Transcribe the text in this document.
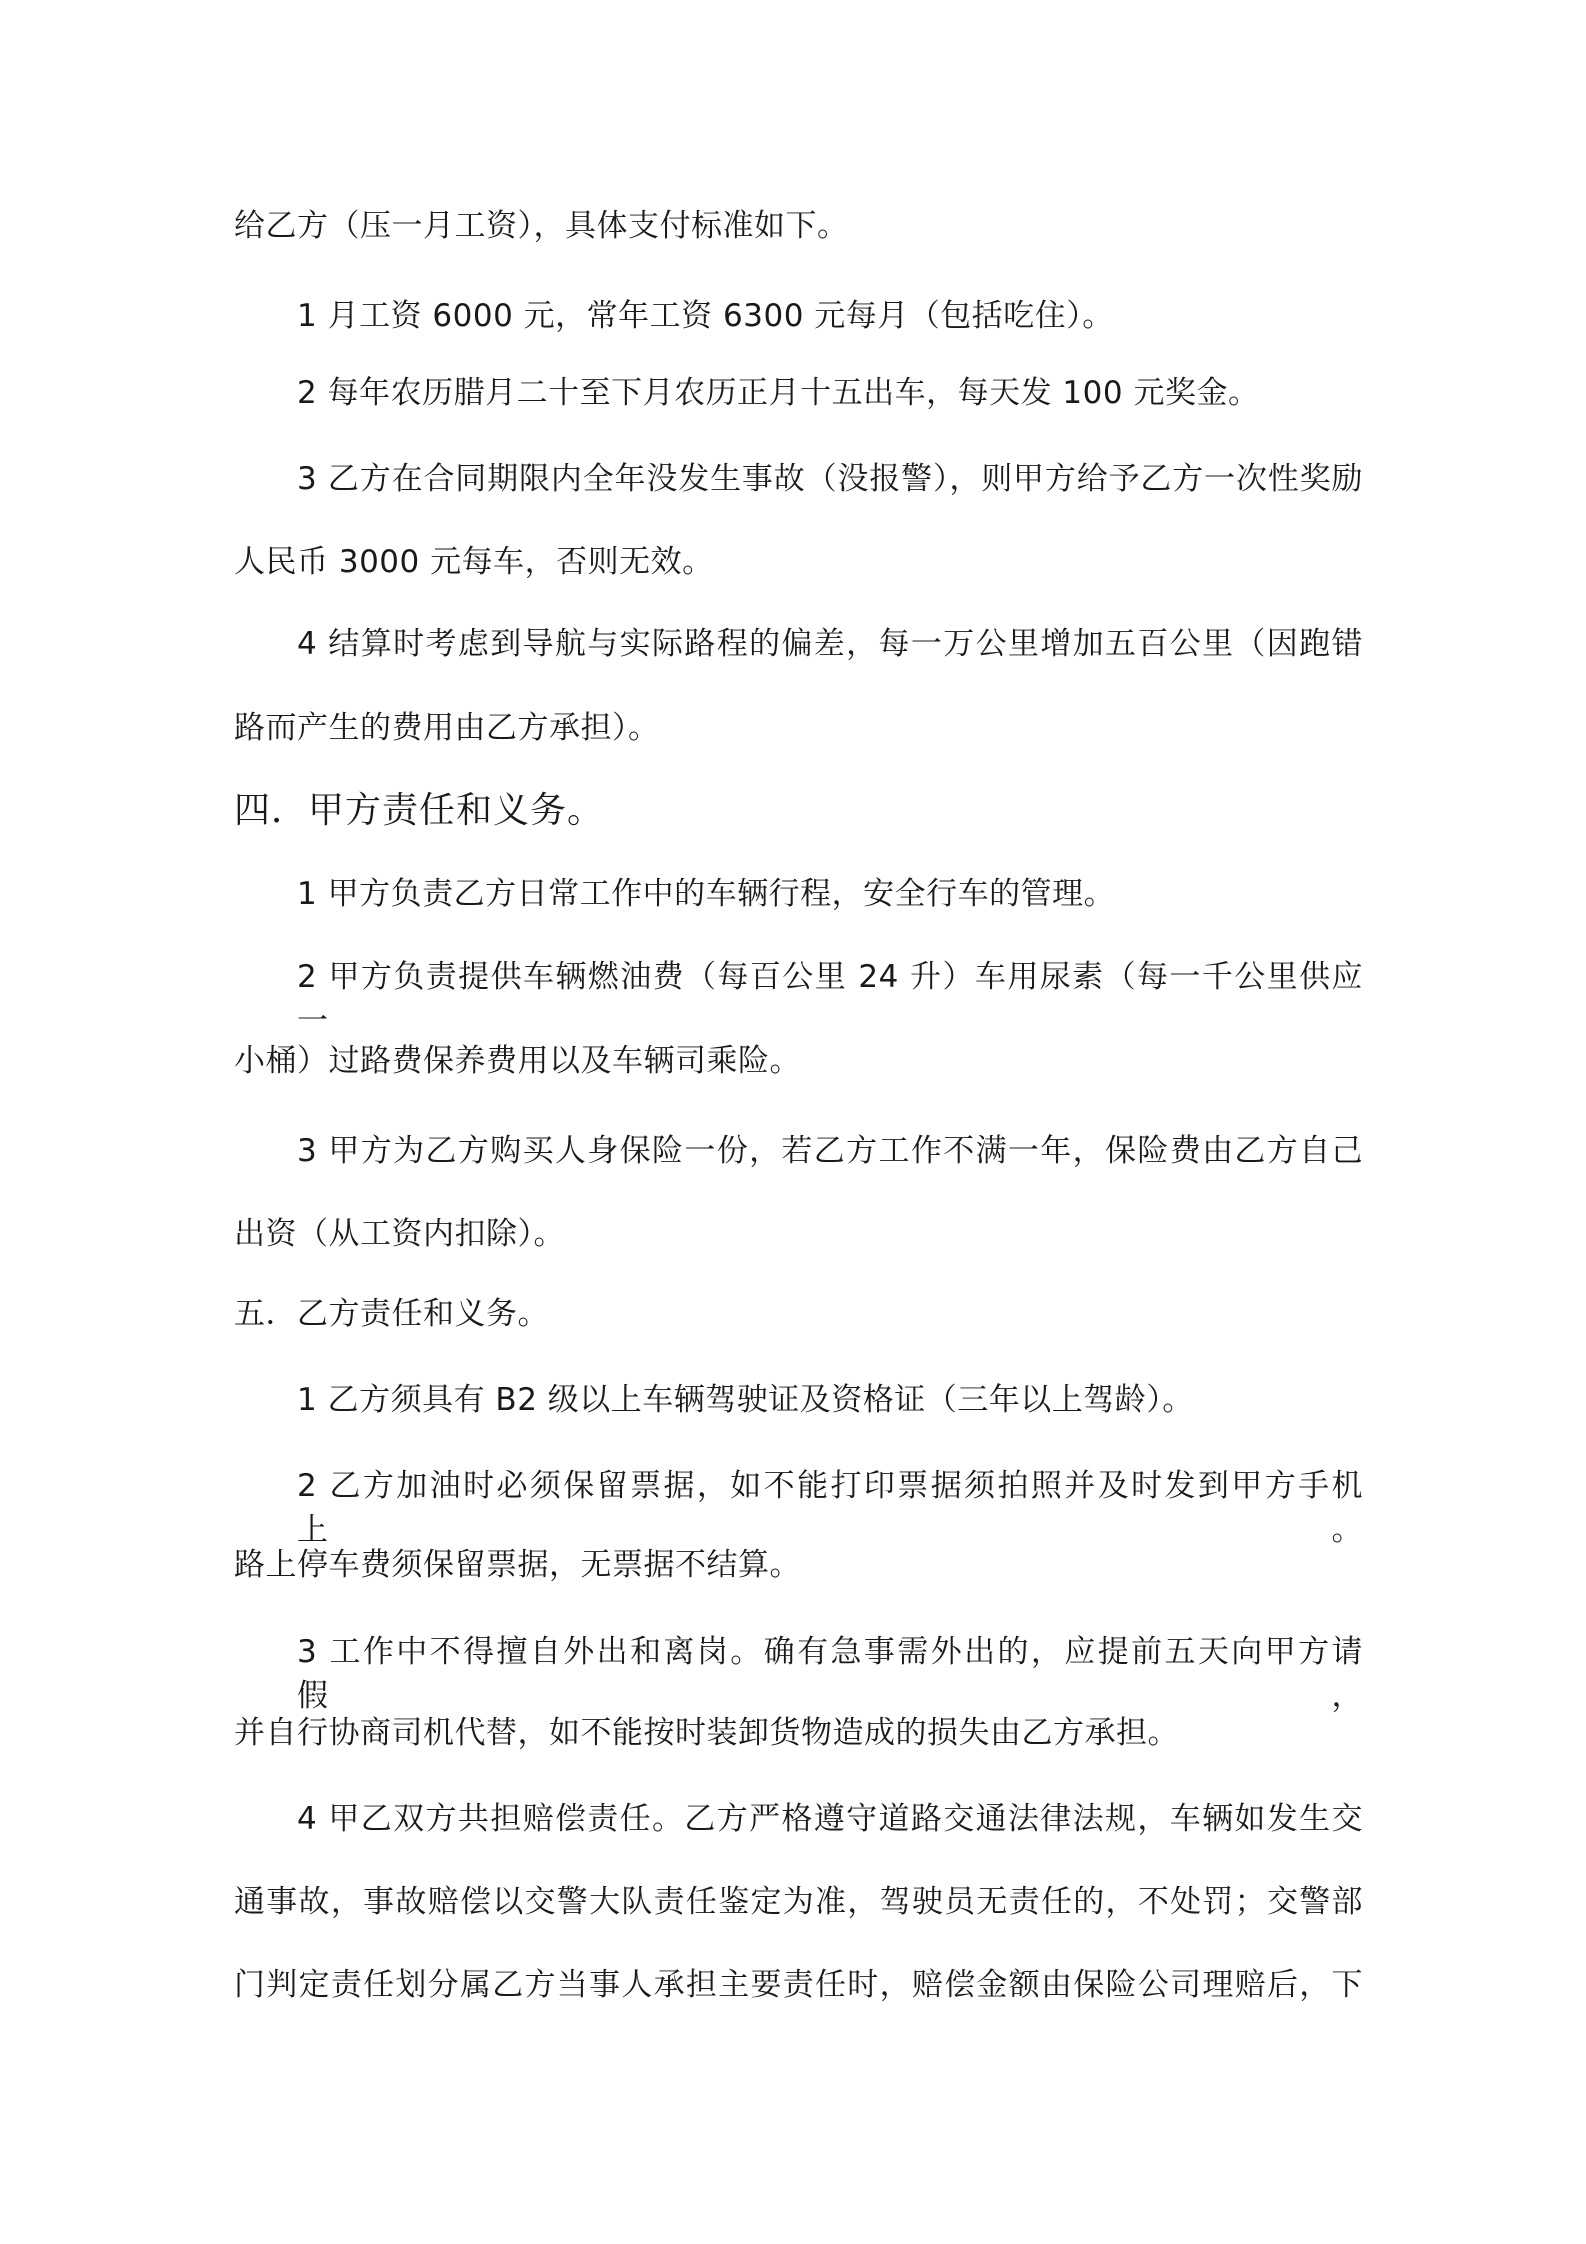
给乙方（压一月工资），具体支付标准如下。

1 月工资 6000 元，常年工资 6300 元每月（包括吃住）。

2 每年农历腊月二十至下月农历正月十五出车，每天发 100 元奖金。

3 乙方在合同期限内全年没发生事故（没报警），则甲方给予乙方一次性奖励

人民币 3000 元每车，否则无效。

4 结算时考虑到导航与实际路程的偏差，每一万公里增加五百公里（因跑错

路而产生的费用由乙方承担）。

四．甲方责任和义务。

1 甲方负责乙方日常工作中的车辆行程，安全行车的管理。

2 甲方负责提供车辆燃油费（每百公里 24 升）车用尿素（每一千公里供应一

小桶）过路费保养费用以及车辆司乘险。

3 甲方为乙方购买人身保险一份，若乙方工作不满一年，保险费由乙方自己

出资（从工资内扣除）。

五．乙方责任和义务。

1 乙方须具有 B2 级以上车辆驾驶证及资格证（三年以上驾龄）。

2 乙方加油时必须保留票据，如不能打印票据须拍照并及时发到甲方手机上。

路上停车费须保留票据，无票据不结算。

3 工作中不得擅自外出和离岗。确有急事需外出的，应提前五天向甲方请假，

并自行协商司机代替，如不能按时装卸货物造成的损失由乙方承担。

4 甲乙双方共担赔偿责任。乙方严格遵守道路交通法律法规，车辆如发生交

通事故，事故赔偿以交警大队责任鉴定为准，驾驶员无责任的，不处罚；交警部

门判定责任划分属乙方当事人承担主要责任时，赔偿金额由保险公司理赔后，下
